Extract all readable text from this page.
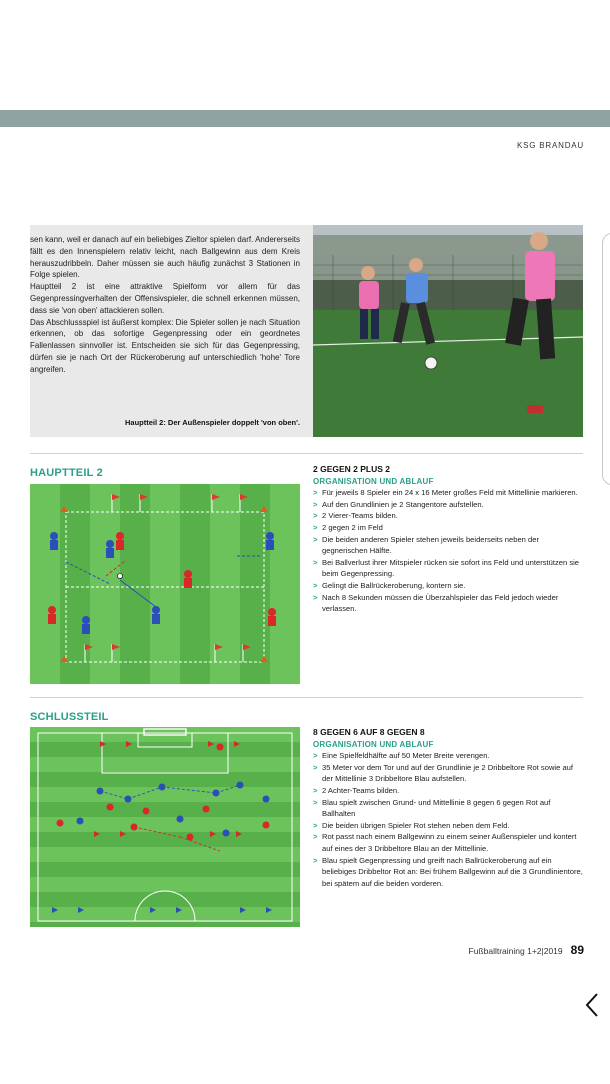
KSG BRANDAU

sen kann, weil er danach auf ein beliebiges Zieltor spielen darf. Andererseits fällt es den Innenspielern relativ leicht, nach Ballgewinn aus dem Kreis herauszudribbeln. Daher müssen sie auch häufig zunächst 3 Stationen in Folge spielen.

Hauptteil 2 ist eine attraktive Spielform vor allem für das Gegenpressingverhalten der Offensivspieler, die schnell erkennen müssen, dass sie 'von oben' attackieren sollen.

Das Abschlussspiel ist äußerst komplex: Die Spieler sollen je nach Situation erkennen, ob das sofortige Gegenpressing oder ein geordnetes Fallenlassen sinnvoller ist. Entscheiden sie sich für das Gegenpressing, dürfen sie je nach Ort der Rückeroberung auf unterschiedlich 'hohe' Tore angreifen.

Hauptteil 2: Der Außenspieler doppelt 'von oben'.
HAUPTTEIL 2	2 GEGEN 2 PLUS 2
ORGANISATION UND ABLAUF
> Für jeweils 8 Spieler ein 24 x 16 Meter großes Feld mit Mittellinie markieren.
> Auf den Grundlinien je 2 Stangentore aufstellen.
> 2 Vierer-Teams bilden.
> 2 gegen 2 im Feld
> Die beiden anderen Spieler stehen jeweils beiderseits neben der gegnerischen Hälfte.
> Bei Ballverlust ihrer Mitspieler rücken sie sofort ins Feld und unterstützen sie beim Gegenpressing.
> Gelingt die Ballrückeroberung, kontern sie.
> Nach 8 Sekunden müssen die Überzahlspieler das Feld jedoch wieder verlassen.
SCHLUSSTEIL
8 GEGEN 6 AUF 8 GEGEN 8
ORGANISATION UND ABLAUF
> Eine Spielfeldhälfte auf 50 Meter Breite verengen.
> 35 Meter vor dem Tor und auf der Grundlinie je 2 Dribbeltore Rot sowie auf der Mittellinie 3 Dribbeltore Blau aufstellen.
> 2 Achter-Teams bilden.
> Blau spielt zwischen Grund- und Mittellinie 8 gegen 6 gegen Rot auf Ballhalten
> Die beiden übrigen Spieler Rot stehen neben dem Feld.
> Rot passt nach einem Ballgewinn zu einem seiner Außenspieler und kontert auf eines der 3 Dribbeltore Blau an der Mittellinie.
> Blau spielt Gegenpressing und greift nach Ballrückeroberung auf ein beliebiges Dribbeltor Rot an: Bei frühem Ballgewinn auf die 3 Grundlinientore, bei spätem auf die beiden vorderen.
Fußballtraining 1+2|2019 89
